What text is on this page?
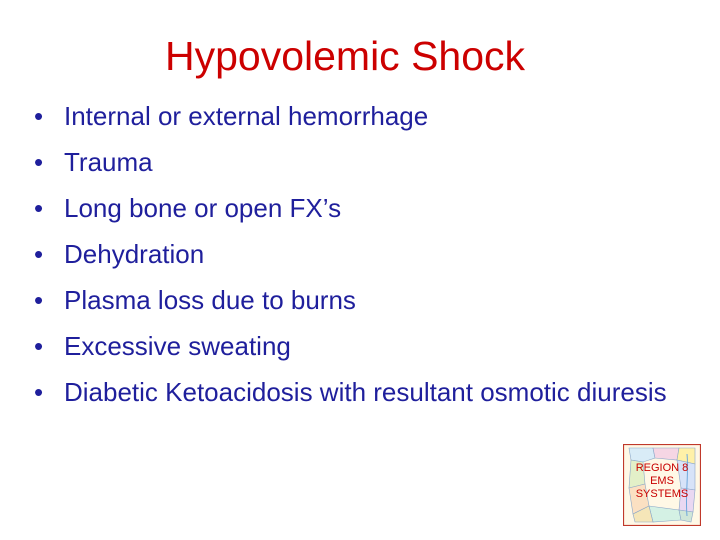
Hypovolemic Shock
• Internal or external hemorrhage
• Trauma
• Long bone or open FX’s
• Dehydration
• Plasma loss due to burns
• Excessive sweating
• Diabetic Ketoacidosis with resultant osmotic diuresis
REGION 8
EMS
SYSTEMS
